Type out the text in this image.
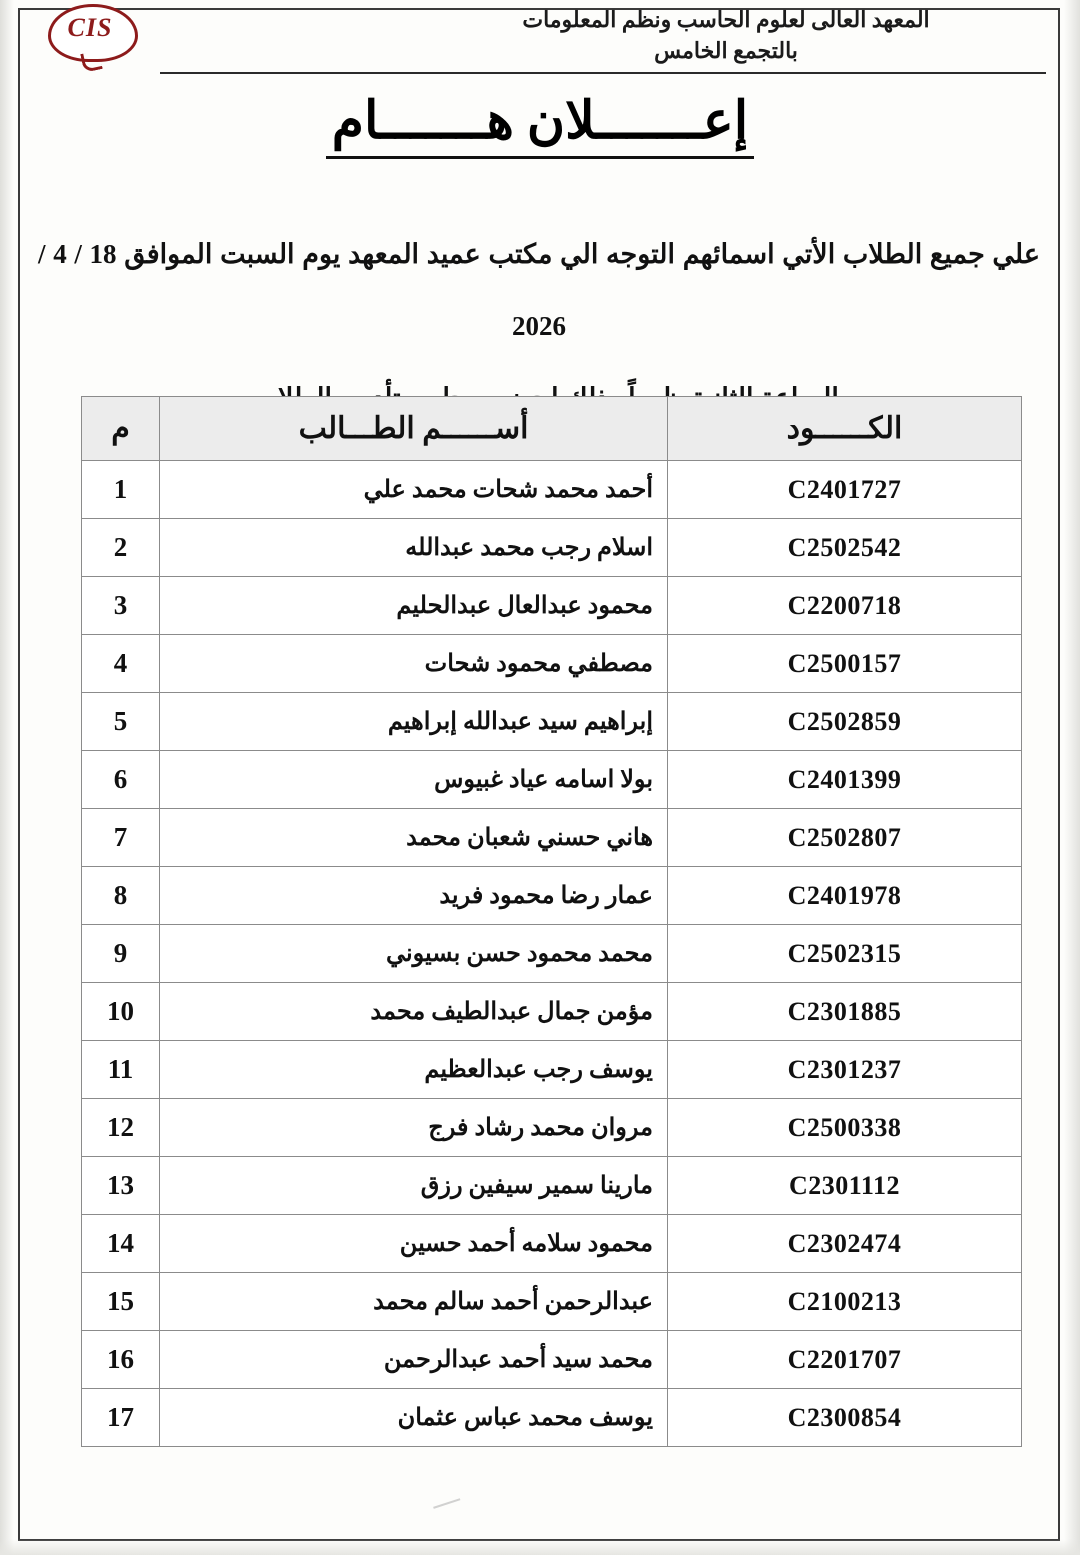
CIS	المعهد العالى لعلوم الحاسب ونظم المعلومات
بالتجمع الخامس
إعـــــــلان هـــــــام
علي جميع الطلاب الأتي اسمائهم التوجه الي مكتب عميد المعهد يوم السبت الموافق 18 / 4 / 2026
الكــــــود	أســــــم الطـــالب	م
C2401727	أحمد محمد شحات محمد علي	1
C2502542	اسلام رجب محمد عبدالله	2
C2200718	محمود عبدالعال عبدالحليم	3
C2500157	مصطفي محمود شحات	4
C2502859	إبراهيم سيد عبدالله إبراهيم	5
C2401399	بولا اسامه عياد غبيوس	6
C2502807	هاني حسني شعبان محمد	7
C2401978	عمار رضا محمود فريد	8
C2502315	محمد محمود حسن بسيوني	9
C2301885	مؤمن جمال عبدالطيف محمد	10
C2301237	يوسف رجب عبدالعظيم	11
C2500338	مروان محمد رشاد فرج	12
C2301112	مارينا سمير سيفين رزق	13
C2302474	محمود سلامه أحمد حسين	14
C2100213	عبدالرحمن أحمد سالم محمد	15
C2201707	محمد سيد أحمد عبدالرحمن	16
C2300854	يوسف محمد عباس عثمان	17
